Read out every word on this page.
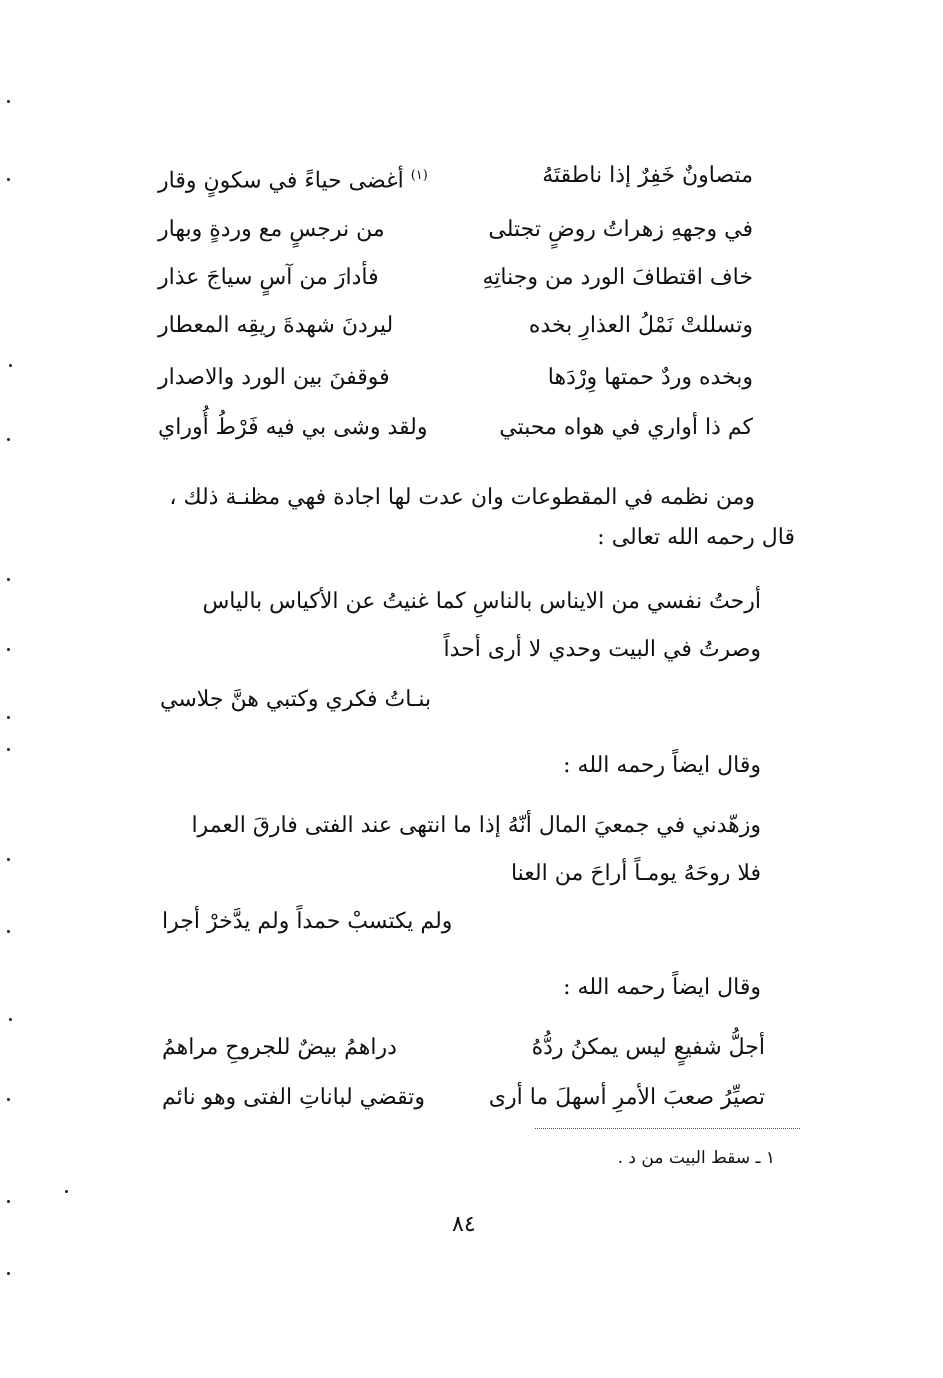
متصاونٌ خَفِرٌ إذا ناطقتَهُ
$^{(١)}$ أغضى حياءً في سكونٍ وقار
في وجههِ زهراتُ روضٍ تجتلى
من نرجسٍ مع وردةٍ وبهار
خاف اقتطافَ الورد من وجناتِهِ
فأدارَ من آسٍ سياجَ عذار
وتسللتْ نَمْلُ العذارِ بخده
ليردنَ شهدةَ ريقِه المعطار
وبخده وردٌ حمتها وِرْدَها
فوقفنَ بين الورد والاصدار
كم ذا أواري في هواه محبتي
ولقد وشى بي فيه فَرْطُ أُوراي
ومن نظمه في المقطوعات وان عدت لها اجادة فهي مظنـة ذلك ،
قال رحمه الله تعالى :
أرحتُ نفسي من الايناس بالناسِ كما غنيتُ عن الأكياس بالياس
وصرتُ في البيت وحدي لا أرى أحداً
بنـاتُ فكري وكتبي هنَّ جلاسي
وقال ايضاً رحمه الله :
وزهّدني في جمعيَ المال أنّهُ إذا ما انتهى عند الفتى فارقَ العمرا
فلا روحَهُ يومـاً أراحَ من العنا
ولم يكتسبْ حمداً ولم يدَّخرْ أجرا
وقال ايضاً رحمه الله :
أجلُّ شفيعٍ ليس يمكنُ ردُّهُ
دراهمُ بيضٌ للجروحِ مراهمُ
تصيِّرُ صعبَ الأمرِ أسهلَ ما أرى
وتقضي لباناتِ الفتى وهو نائم
١ ـ سقط البيت من د .
٨٤
